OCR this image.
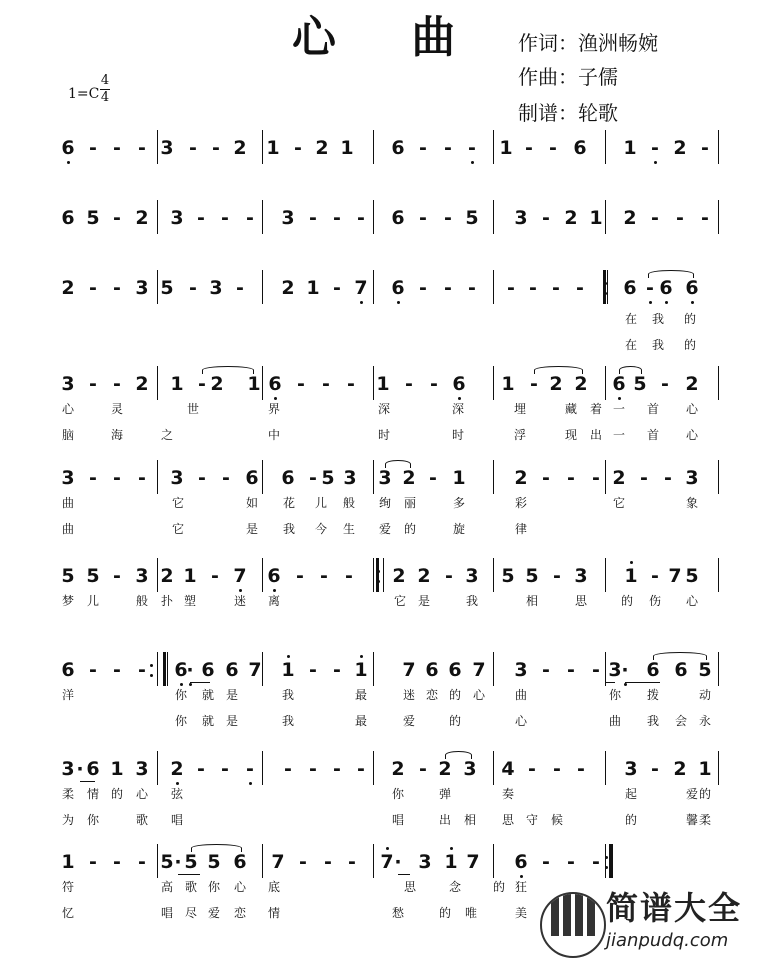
心 曲 作词：渔洲畅婉
作曲：子儒
制谱：轮歌
1=C
4
4
6 - - - 3 - - 2 1 - 2 1 6 - - - 1 - - 6 1 - 2 -
6 5 - 2 3 - - - 3 - - - 6 - - 5 3 - 2 1 2 - - -
2 - - 3 5 - 3 - 2 1 - 7 6 - - - - - - - 6 - 6 6
在 我 的
在 我 的
3 - - 2 1 - 2 1 6 - - - 1 - - 6 1 - 2 2 6 5 - 2
心	灵	世	界	深	深	埋	藏 着 一 首 心
脑	海	之	中	时	时	浮	现 出 一 首 心
3 - - - 3 - - 6 6 - 5 3 3 2 - 1	2 - - - 2 - - 3
曲	它	如 花 儿 般 绚 丽	多	彩	它	象
曲	它	是 我 今 生 爱 的	旋	律
5 5 - 3 2 1 - 7 6 - - - 2 2 - 3 5 5 - 3 1 - 7 5
梦 儿	般 扑 塑	迷 离	它 是	我	相	思	的 伤 心
6 - - - 6
· 6 6 7 1 - - 1 7 6 6 7 3 - - - 3 · 6 6 5
洋	你 就 是	我	最	迷 恋 的 心 曲	你 拨	动
你 就 是	我	最	爱	的	心	曲 我 会 永
3 · 6 1 3 2 - - - - - - - 2 - 2 3 4 - - - 3 - 2 1
柔 情 的 心 弦	你	弹	奏	起	爱 的
为 你	歌 唱	唱	出 相 思 守 候	的	馨 柔
1 - - - 5 · 5 5 6 7 - - - 7 · 3 1 7 6 - - -
符	高 歌 你 心 底	思	念	的 狂
忆	唱 尽 爱 恋 情	愁	的 唯	美 简谱大全
jianpudq.com
